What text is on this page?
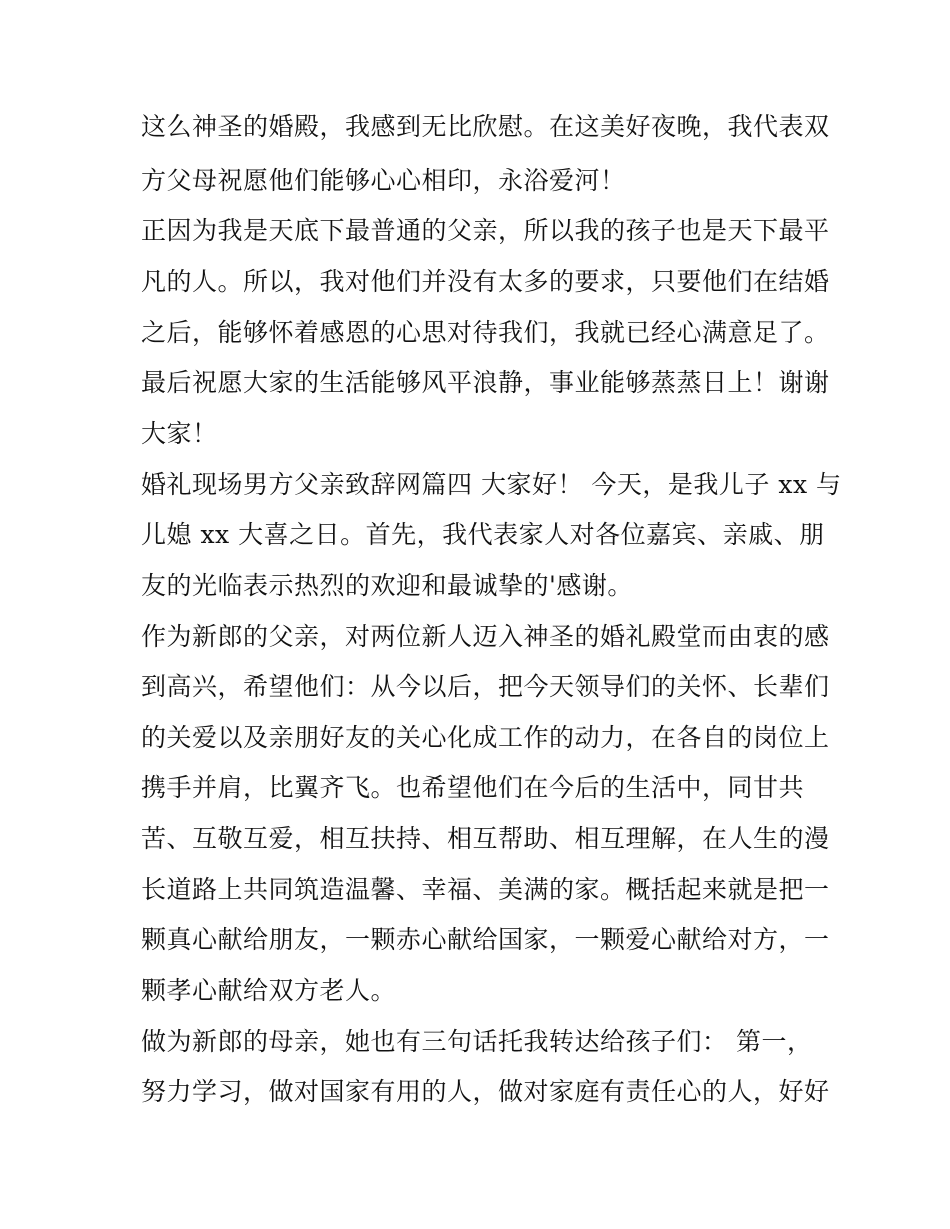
这么神圣的婚殿，我感到无比欣慰。在这美好夜晚，我代表双
方父母祝愿他们能够心心相印，永浴爱河！
正因为我是天底下最普通的父亲，所以我的孩子也是天下最平
凡的人。所以，我对他们并没有太多的要求，只要他们在结婚
之后，能够怀着感恩的心思对待我们，我就已经心满意足了。
最后祝愿大家的生活能够风平浪静，事业能够蒸蒸日上！谢谢
大家！
婚礼现场男方父亲致辞网篇四 大家好！ 今天，是我儿子 xx 与
儿媳 xx 大喜之日。首先，我代表家人对各位嘉宾、亲戚、朋
友的光临表示热烈的欢迎和最诚挚的'感谢。
作为新郎的父亲，对两位新人迈入神圣的婚礼殿堂而由衷的感
到高兴，希望他们：从今以后，把今天领导们的关怀、长辈们
的关爱以及亲朋好友的关心化成工作的动力，在各自的岗位上
携手并肩，比翼齐飞。也希望他们在今后的生活中，同甘共
苦、互敬互爱，相互扶持、相互帮助、相互理解，在人生的漫
长道路上共同筑造温馨、幸福、美满的家。概括起来就是把一
颗真心献给朋友，一颗赤心献给国家，一颗爱心献给对方，一
颗孝心献给双方老人。
做为新郎的母亲，她也有三句话托我转达给孩子们： 第一，
努力学习，做对国家有用的人，做对家庭有责任心的人，好好
